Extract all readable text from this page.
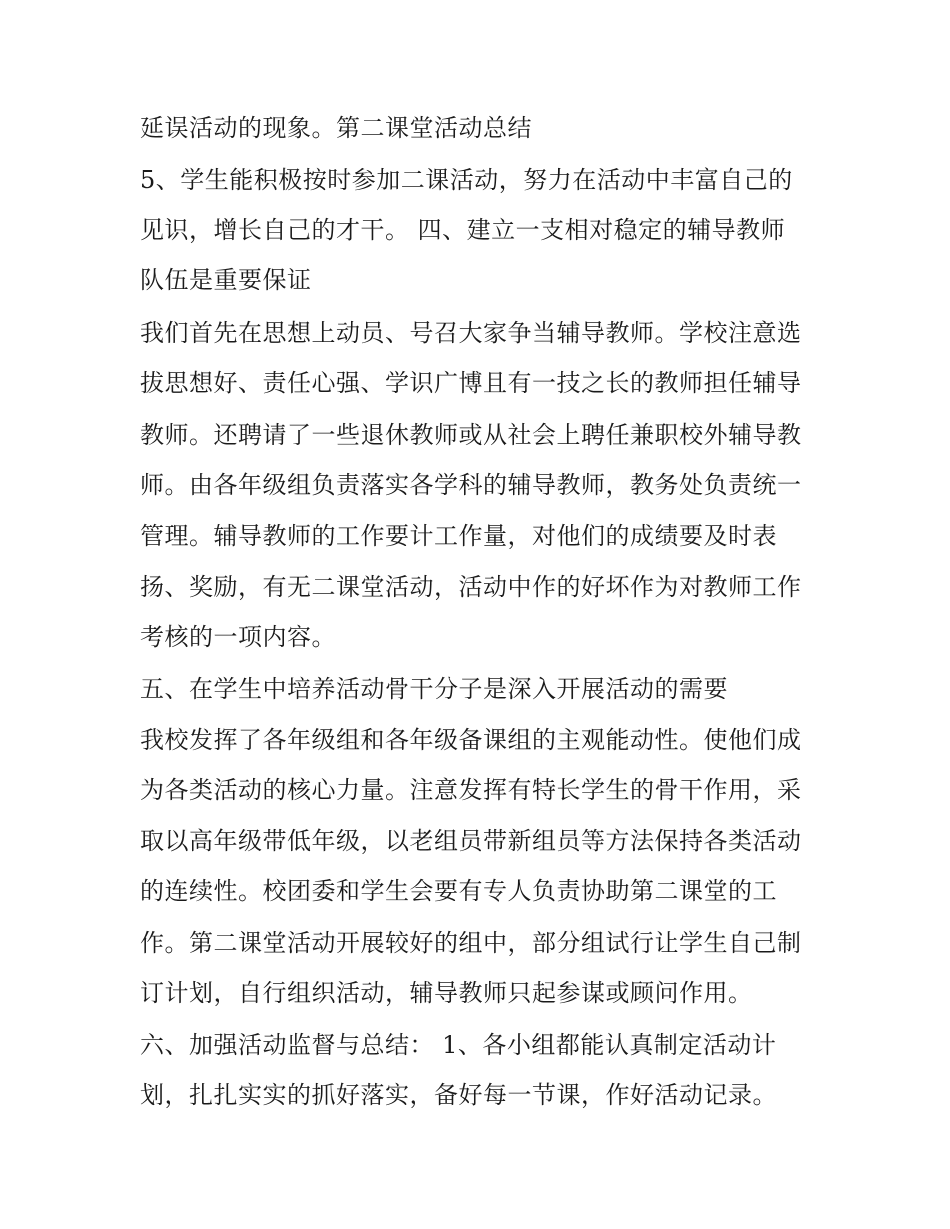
延误活动的现象。第二课堂活动总结
5、学生能积极按时参加二课活动，努力在活动中丰富自己的
见识，增长自己的才干。 四、建立一支相对稳定的辅导教师
队伍是重要保证
我们首先在思想上动员、号召大家争当辅导教师。学校注意选
拔思想好、责任心强、学识广博且有一技之长的教师担任辅导
教师。还聘请了一些退休教师或从社会上聘任兼职校外辅导教
师。由各年级组负责落实各学科的辅导教师，教务处负责统一
管理。辅导教师的工作要计工作量，对他们的成绩要及时表
扬、奖励，有无二课堂活动，活动中作的好坏作为对教师工作
考核的一项内容。
五、在学生中培养活动骨干分子是深入开展活动的需要
我校发挥了各年级组和各年级备课组的主观能动性。使他们成
为各类活动的核心力量。注意发挥有特长学生的骨干作用，采
取以高年级带低年级，以老组员带新组员等方法保持各类活动
的连续性。校团委和学生会要有专人负责协助第二课堂的工
作。第二课堂活动开展较好的组中，部分组试行让学生自己制
订计划，自行组织活动，辅导教师只起参谋或顾问作用。
六、加强活动监督与总结： 1、各小组都能认真制定活动计
划，扎扎实实的抓好落实，备好每一节课，作好活动记录。
